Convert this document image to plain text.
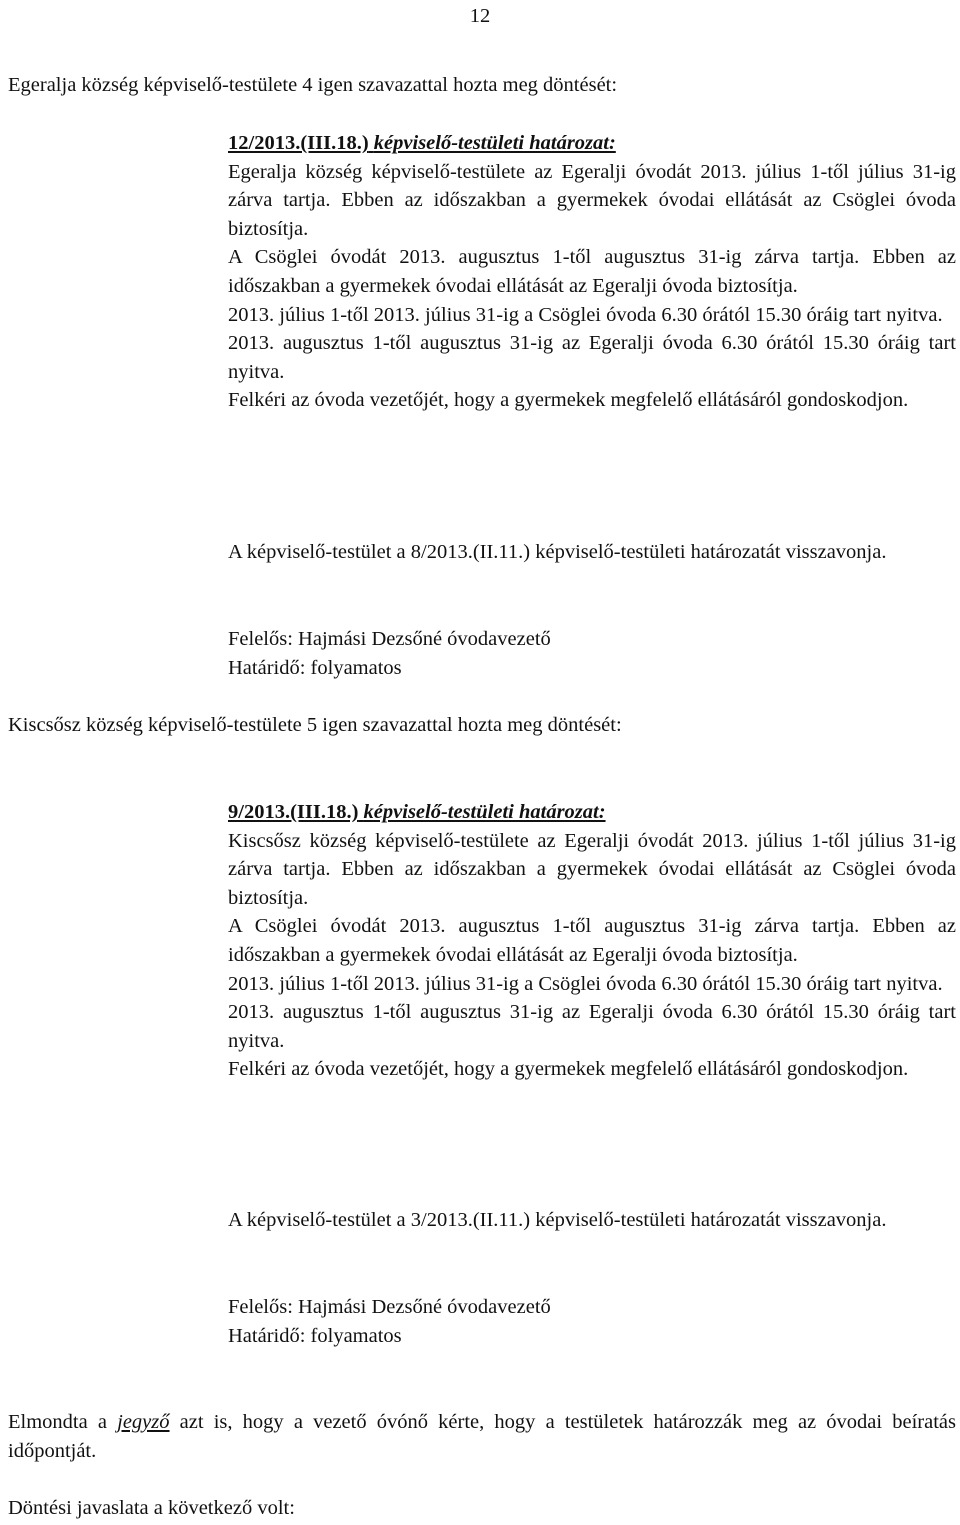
12
Egeralja község képviselő-testülete 4 igen szavazattal hozta meg döntését:

12/2013.(III.18.) képviselő-testületi határozat:

Egeralja község képviselő-testülete az Egeralji óvodát 2013. július 1-től július 31-ig zárva tartja. Ebben az időszakban a gyermekek óvodai ellátását az Csöglei óvoda biztosítja.

A Csöglei óvodát 2013. augusztus 1-től augusztus 31-ig zárva tartja. Ebben az időszakban a gyermekek óvodai ellátását az Egeralji óvoda biztosítja.

2013. július 1-től 2013. július 31-ig a Csöglei óvoda 6.30 órától 15.30 óráig tart nyitva.

2013. augusztus 1-től augusztus 31-ig az Egeralji óvoda 6.30 órától 15.30 óráig tart nyitva.

Felkéri az óvoda vezetőjét, hogy a gyermekek megfelelő ellátásáról gondoskodjon.

A képviselő-testület a 8/2013.(II.11.) képviselő-testületi határozatát visszavonja.

Felelős: Hajmási Dezsőné óvodavezető

Határidő: folyamatos

Kiscsősz község képviselő-testülete 5 igen szavazattal hozta meg döntését:

9/2013.(III.18.) képviselő-testületi határozat:

Kiscsősz község képviselő-testülete az Egeralji óvodát 2013. július 1-től július 31-ig zárva tartja. Ebben az időszakban a gyermekek óvodai ellátását az Csöglei óvoda biztosítja.

A Csöglei óvodát 2013. augusztus 1-től augusztus 31-ig zárva tartja. Ebben az időszakban a gyermekek óvodai ellátását az Egeralji óvoda biztosítja.

2013. július 1-től 2013. július 31-ig a Csöglei óvoda 6.30 órától 15.30 óráig tart nyitva.

2013. augusztus 1-től augusztus 31-ig az Egeralji óvoda 6.30 órától 15.30 óráig tart nyitva.

Felkéri az óvoda vezetőjét, hogy a gyermekek megfelelő ellátásáról gondoskodjon.

A képviselő-testület a 3/2013.(II.11.) képviselő-testületi határozatát visszavonja.

Felelős: Hajmási Dezsőné óvodavezető

Határidő: folyamatos

Elmondta a jegyző azt is, hogy a vezető óvónő kérte, hogy a testületek határozzák meg az óvodai beíratás időpontját.

Döntési javaslata a következő volt:
